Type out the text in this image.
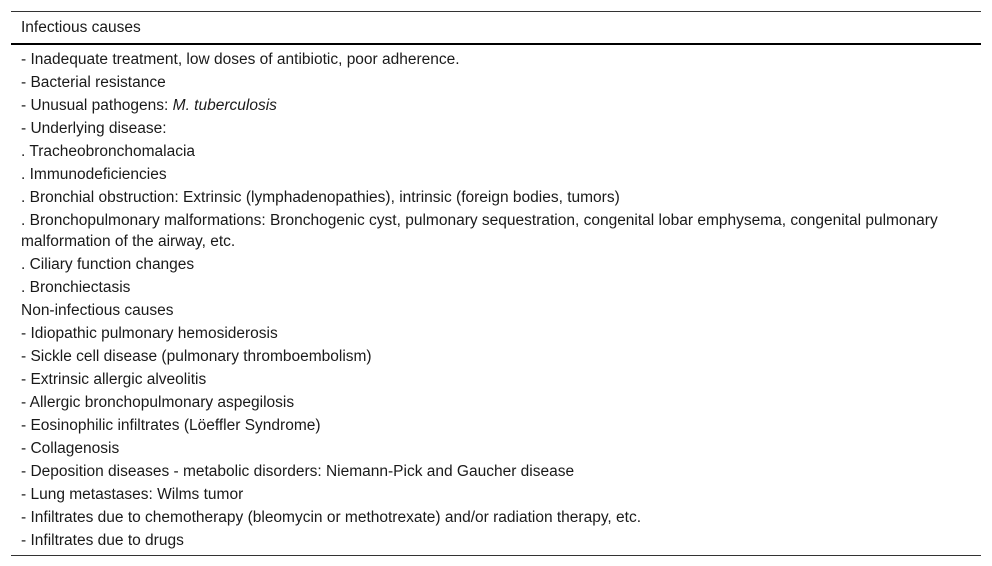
Infectious causes
- Inadequate treatment, low doses of antibiotic, poor adherence.
- Bacterial resistance
- Unusual pathogens: M. tuberculosis
- Underlying disease:
. Tracheobronchomalacia
. Immunodeficiencies
. Bronchial obstruction: Extrinsic (lymphadenopathies), intrinsic (foreign bodies, tumors)
. Bronchopulmonary malformations: Bronchogenic cyst, pulmonary sequestration, congenital lobar emphysema, congenital pulmonary malformation of the airway, etc.
. Ciliary function changes
. Bronchiectasis
Non-infectious causes
- Idiopathic pulmonary hemosiderosis
- Sickle cell disease (pulmonary thromboembolism)
- Extrinsic allergic alveolitis
- Allergic bronchopulmonary aspegilosis
- Eosinophilic infiltrates (Löeffler Syndrome)
- Collagenosis
- Deposition diseases - metabolic disorders: Niemann-Pick and Gaucher disease
- Lung metastases: Wilms tumor
- Infiltrates due to chemotherapy (bleomycin or methotrexate) and/or radiation therapy, etc.
- Infiltrates due to drugs
